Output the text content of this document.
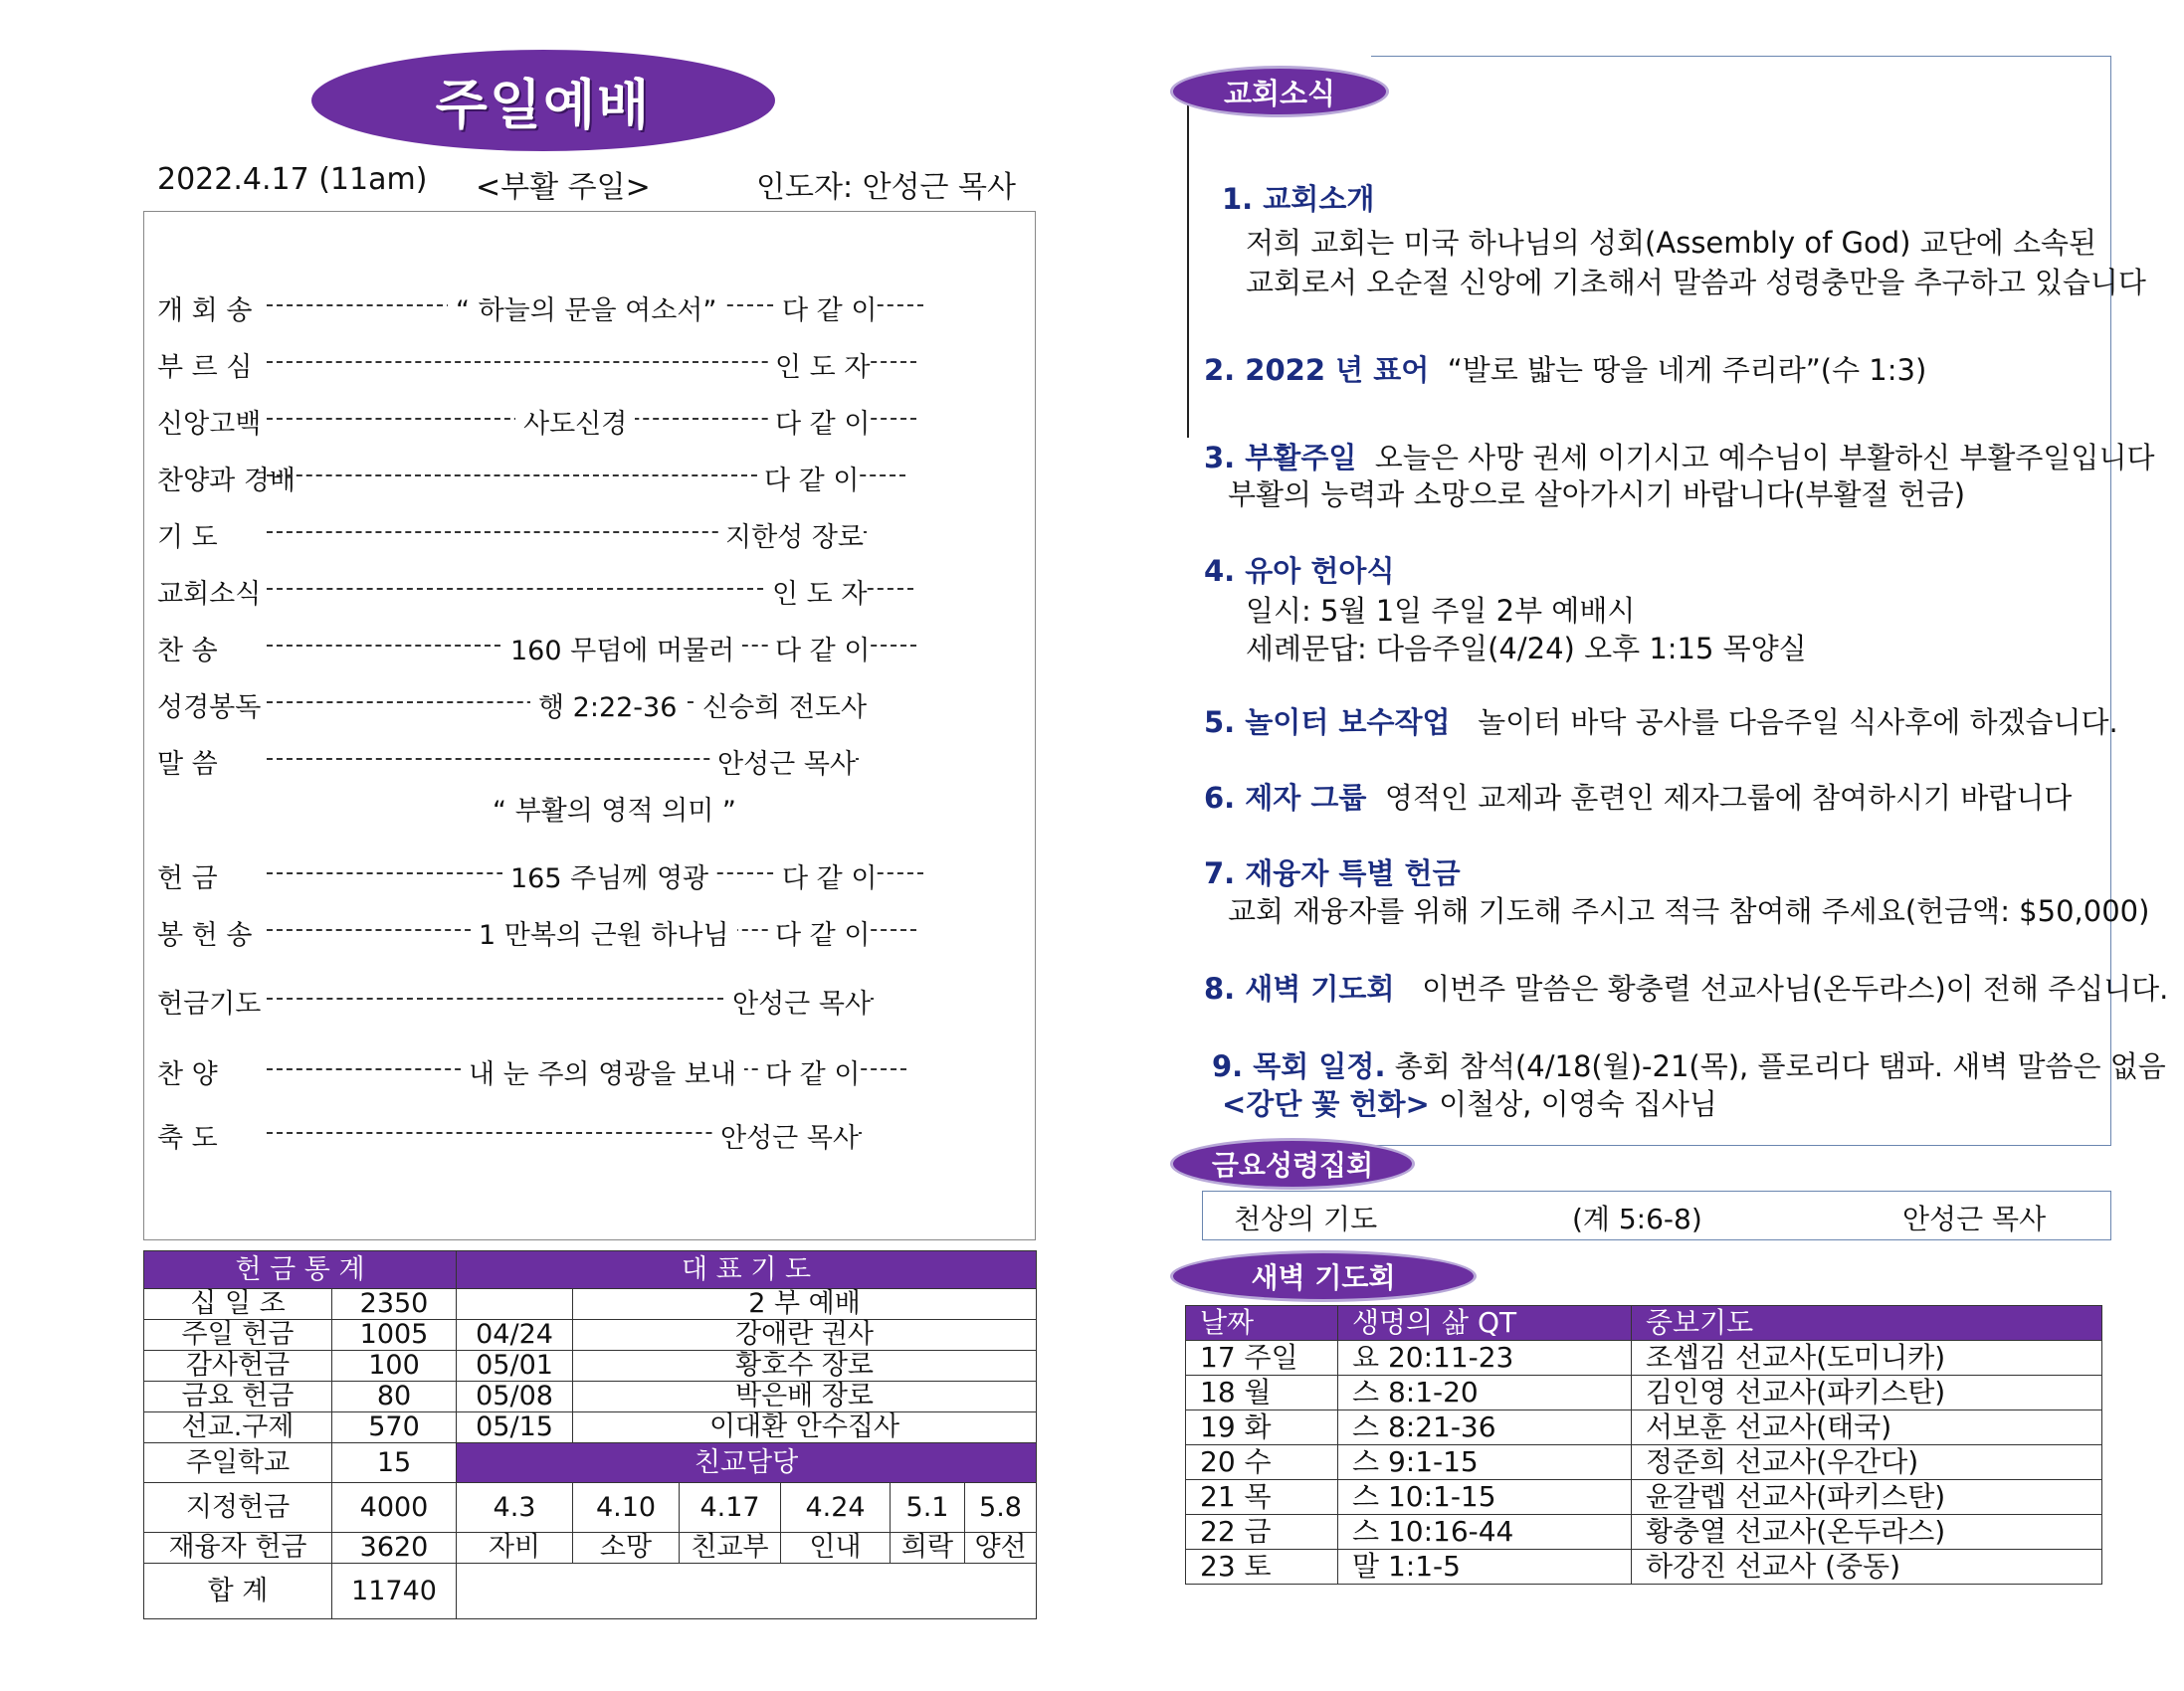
주일예배
2022.4.17 (11am) <부활 주일>	인도자: 안성근 목사
개 회 송	“ 하늘의 문을 여소서” 다 같 이
부 르 심	인 도 자
신앙고백	사도신경	다 같 이
찬양과 경배	다 같 이
기 도	지한성 장로
교회소식	인 도 자
찬 송	160 무덤에 머물러 다 같 이
성경봉독	행 2:22-36 신승희 전도사
말 씀	안성근 목사
헌 금	165 주님께 영광	다 같 이
봉 헌 송	1 만복의 근원 하나님 다 같 이
헌금기도	안성근 목사
찬 양	내 눈 주의 영광을 보내 다 같 이
축 도	안성근 목사
“ 부활의 영적 의미 ”
헌 금 통 계		대 표 기 도					
십 일 조	2350		2 부 예배				
주일 헌금	1005	04/24	강애란 권사				
감사헌금	100	05/01	황호수 장로				
금요 헌금	80	05/08	박은배 장로				
선교.구제	570	05/15	이대환 안수집사				
주일학교	15	친교담당					
지정헌금	4000	4.3	4.10	4.17	4.24	5.1	5.8
재융자 헌금	3620	자비	소망	친교부	인내	희락	양선
합 계	11740						
교회소식
1. 교회소개
저희 교회는 미국 하나님의 성회(Assembly of God) 교단에 소속된
교회로서 오순절 신앙에 기초해서 말씀과 성령충만을 추구하고 있습니다
2. 2022 년 표어 “발로 밟는 땅을 네게 주리라”(수 1:3)
3. 부활주일 오늘은 사망 권세 이기시고 예수님이 부활하신 부활주일입니다
부활의 능력과 소망으로 살아가시기 바랍니다(부활절 헌금)
4. 유아 헌아식
일시: 5월 1일 주일 2부 예배시
세례문답: 다음주일(4/24) 오후 1:15 목양실
5. 놀이터 보수작업 놀이터 바닥 공사를 다음주일 식사후에 하겠습니다.
6. 제자 그룹 영적인 교제과 훈련인 제자그룹에 참여하시기 바랍니다
7. 재융자 특별 헌금
교회 재융자를 위해 기도해 주시고 적극 참여해 주세요(헌금액: $50,000)
8. 새벽 기도회 이번주 말씀은 황충렬 선교사님(온두라스)이 전해 주십니다.
9. 목회 일정. 총회 참석(4/18(월)-21(목), 플로리다 탬파. 새벽 말씀은 없음
<강단 꽃 헌화> 이철상, 이영숙 집사님
금요성령집회
천상의 기도	(계 5:6-8)	안성근 목사
새벽 기도회
날짜	생명의 삶 QT	중보기도
17 주일	요 20:11-23	조셉김 선교사(도미니카)
18 월	스 8:1-20	김인영 선교사(파키스탄)
19 화	스 8:21-36	서보훈 선교사(태국)
20 수	스 9:1-15	정준희 선교사(우간다)
21 목	스 10:1-15	윤갈렙 선교사(파키스탄)
22 금	스 10:16-44	황충열 선교사(온두라스)
23 토	말 1:1-5	하강진 선교사 (중동)
